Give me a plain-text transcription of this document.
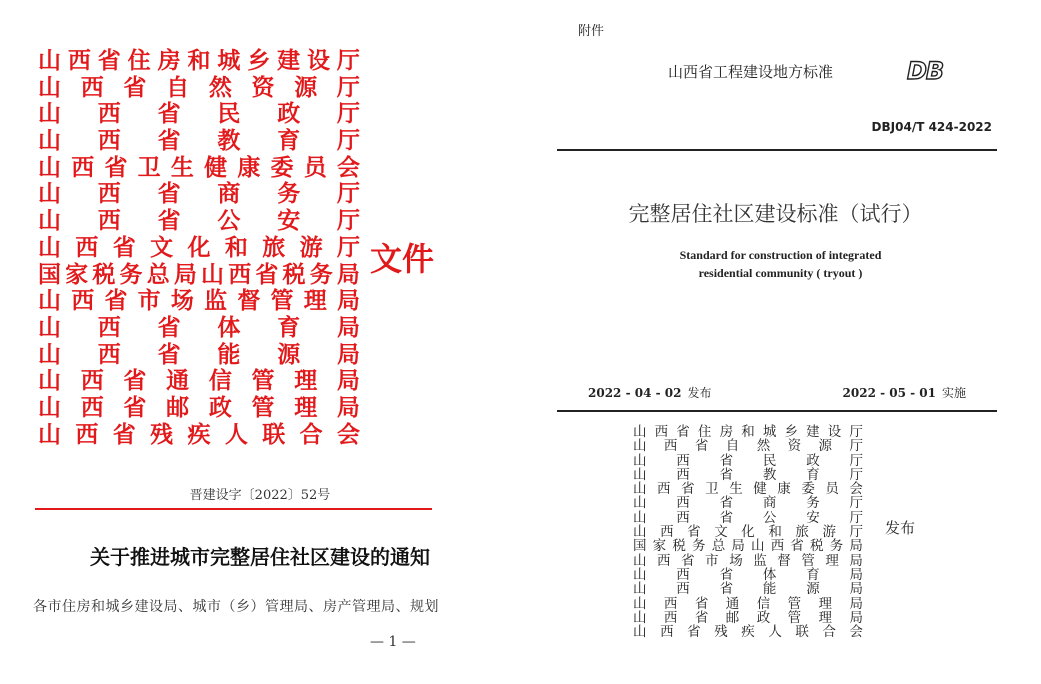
山 西 省 住 房 和 城 乡 建 设 厅
山 西 省 自 然 资 源 厅
山 西 省 民 政 厅
山 西 省 教 育 厅
山 西 省 卫 生 健 康 委 员 会
山 西 省 商 务 厅
山 西 省 公 安 厅
山 西 省 文 化 和 旅 游 厅
国 家 税 务 总 局 山 西 省 税 务 局
山 西 省 市 场 监 督 管 理 局
山 西 省 体 育 局
山 西 省 能 源 局
山 西 省 通 信 管 理 局
山 西 省 邮 政 管 理 局
山 西 省 残 疾 人 联 合 会
文件
晋建设字〔2022〕52号
关于推进城市完整居住社区建设的通知
各市住房和城乡建设局、城市（乡）管理局、房产管理局、规划
— 1 —
附件
山西省工程建设地方标准	DB
DBJ04/T 424-2022
完整居住社区建设标准（试行）
Standard for construction of integrated
residential community ( tryout )
2022 - 04 - 02 发布	2022 - 05 - 01 实施
山 西 省 住 房 和 城 乡 建 设 厅
山 西 省 自 然 资 源 厅
山 西 省 民 政 厅
山 西 省 教 育 厅
山 西 省 卫 生 健 康 委 员 会
山 西 省 商 务 厅
山 西 省 公 安 厅
山 西 省 文 化 和 旅 游 厅
国 家 税 务 总 局 山 西 省 税 务 局
山 西 省 市 场 监 督 管 理 局
山 西 省 体 育 局
山 西 省 能 源 局
山 西 省 通 信 管 理 局
山 西 省 邮 政 管 理 局
山 西 省 残 疾 人 联 合 会
发布
